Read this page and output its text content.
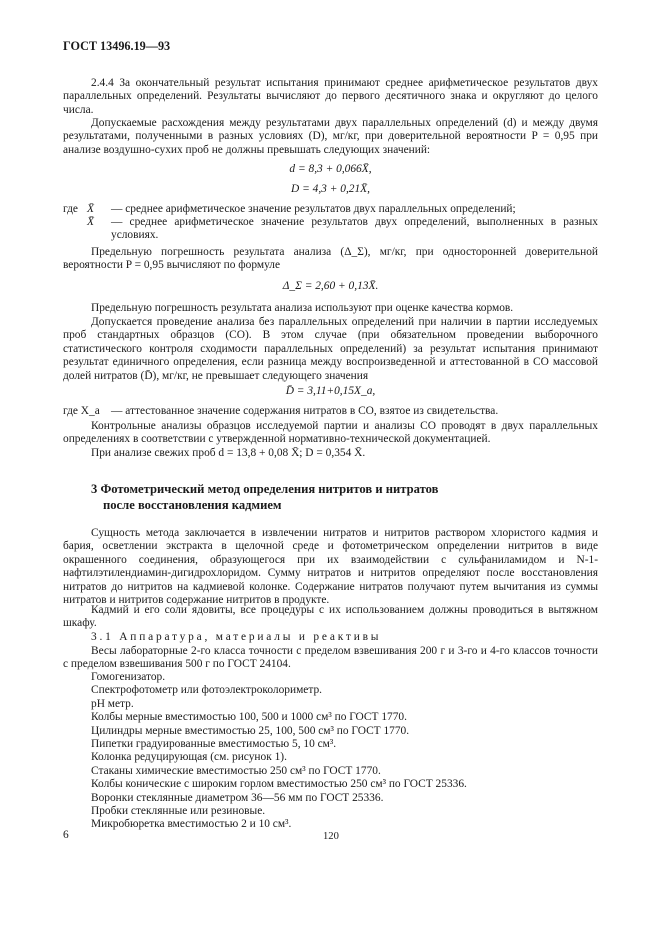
ГОСТ 13496.19—93
2.4.4 За окончательный результат испытания принимают среднее арифметическое результатов двух параллельных определений. Результаты вычисляют до первого десятичного знака и округляют до целого числа.
Допускаемые расхождения между результатами двух параллельных определений (d) и между двумя результатами, полученными в разных условиях (D), мг/кг, при доверительной вероятности P = 0,95 при анализе воздушно-сухих проб не должны превышать следующих значений:
d = 8,3 + 0,066X̄,
D = 4,3 + 0,21X̄,
где X̄ — среднее арифметическое значение результатов двух параллельных определений;
X̄̄ — среднее арифметическое значение результатов двух определений, выполненных в разных условиях.
Предельную погрешность результата анализа (Δ_Σ), мг/кг, при односторонней доверительной вероятности P = 0,95 вычисляют по формуле
Δ_Σ = 2,60 + 0,13X̄.
Предельную погрешность результата анализа используют при оценке качества кормов.
Допускается проведение анализа без параллельных определений при наличии в партии исследуемых проб стандартных образцов (СО). В этом случае (при обязательном проведении выборочного статистического контроля сходимости параллельных определений) за результат испытания принимают результат единичного определения, если разница между воспроизведенной и аттестованной в СО массовой долей нитратов (D̄), мг/кг, не превышает следующего значения
D̄ = 3,11+0,15X_a,
где X_a — аттестованное значение содержания нитратов в СО, взятое из свидетельства.
Контрольные анализы образцов исследуемой партии и анализы СО проводят в двух параллельных определениях в соответствии с утвержденной нормативно-технической документацией.
При анализе свежих проб d = 13,8 + 0,08 X̄; D = 0,354 X̄.
3 Фотометрический метод определения нитритов и нитратов
после восстановления кадмием
Сущность метода заключается в извлечении нитратов и нитритов раствором хлористого кадмия и бария, осветлении экстракта в щелочной среде и фотометрическом определении нитритов в виде окрашенного соединения, образующегося при их взаимодействии с сульфаниламидом и N-1-нафтилэтилендиамин-дигидрохлоридом. Сумму нитратов и нитритов определяют после восстановления нитратов до нитритов на кадмиевой колонке. Содержание нитратов получают путем вычитания из суммы нитратов и нитритов содержание нитритов в продукте.
Кадмий и его соли ядовиты, все процедуры с их использованием должны проводиться в вытяжном шкафу.
3.1 Аппаратура, материалы и реактивы
Весы лабораторные 2-го класса точности с пределом взвешивания 200 г и 3-го и 4-го классов точности с пределом взвешивания 500 г по ГОСТ 24104.
Гомогенизатор.
Спектрофотометр или фотоэлектроколориметр.
pH метр.
Колбы мерные вместимостью 100, 500 и 1000 см³ по ГОСТ 1770.
Цилиндры мерные вместимостью 25, 100, 500 см³ по ГОСТ 1770.
Пипетки градуированные вместимостью 5, 10 см³.
Колонка редуцирующая (см. рисунок 1).
Стаканы химические вместимостью 250 см³ по ГОСТ 1770.
Колбы конические с широким горлом вместимостью 250 см³ по ГОСТ 25336.
Воронки стеклянные диаметром 36—56 мм по ГОСТ 25336.
Пробки стеклянные или резиновые.
Микробюретка вместимостью 2 и 10 см³.
6	120
